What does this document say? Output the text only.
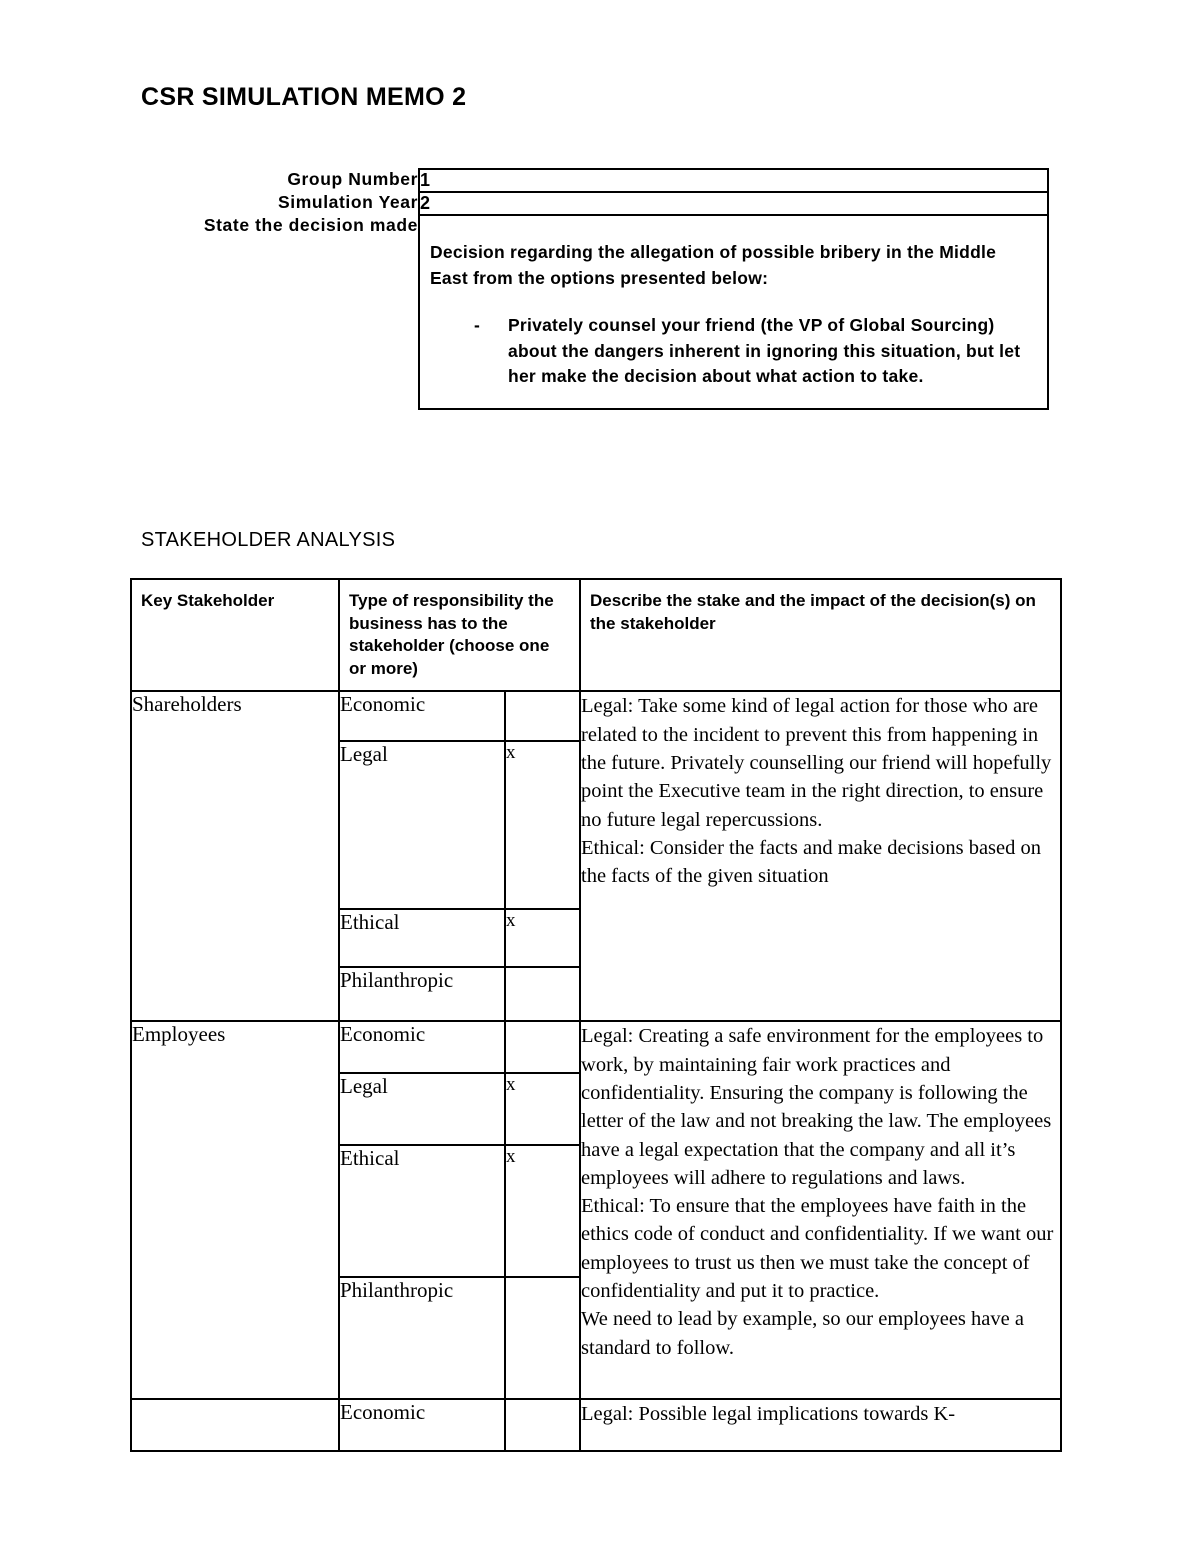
CSR SIMULATION MEMO 2
Group Number	1
Simulation Year	2
State the decision made	
Decision regarding the allegation of possible bribery in the Middle East from the options presented below:
- Privately counsel your friend (the VP of Global Sourcing) about the dangers inherent in ignoring this situation, but let her make the decision about what action to take.
STAKEHOLDER ANALYSIS
Key Stakeholder	Type of responsibility the business has to the stakeholder (choose one or more)		Describe the stake and the impact of the decision(s) on the stakeholder
Shareholders	Economic		Legal: Take some kind of legal action for those who are related to the incident to prevent this from happening in the future. Privately counselling our friend will hopefully point the Executive team in the right direction, to ensure no future legal repercussions.

Ethical: Consider the facts and make decisions based on the facts of the given situation

	Legal	x	
	Ethical	x	
	Philanthropic		
Employees	Economic		Legal: Creating a safe environment for the employees to work, by maintaining fair work practices and confidentiality. Ensuring the company is following the letter of the law and not breaking the law. The employees have a legal expectation that the company and all it’s employees will adhere to regulations and laws.

Ethical: To ensure that the employees have faith in the ethics code of conduct and confidentiality. If we want our employees to trust us then we must take the concept of confidentiality and put it to practice.

We need to lead by example, so our employees have a standard to follow.

	Legal	x	
	Ethical	x	
	Philanthropic		
	Economic		Legal: Possible legal implications towards K-
